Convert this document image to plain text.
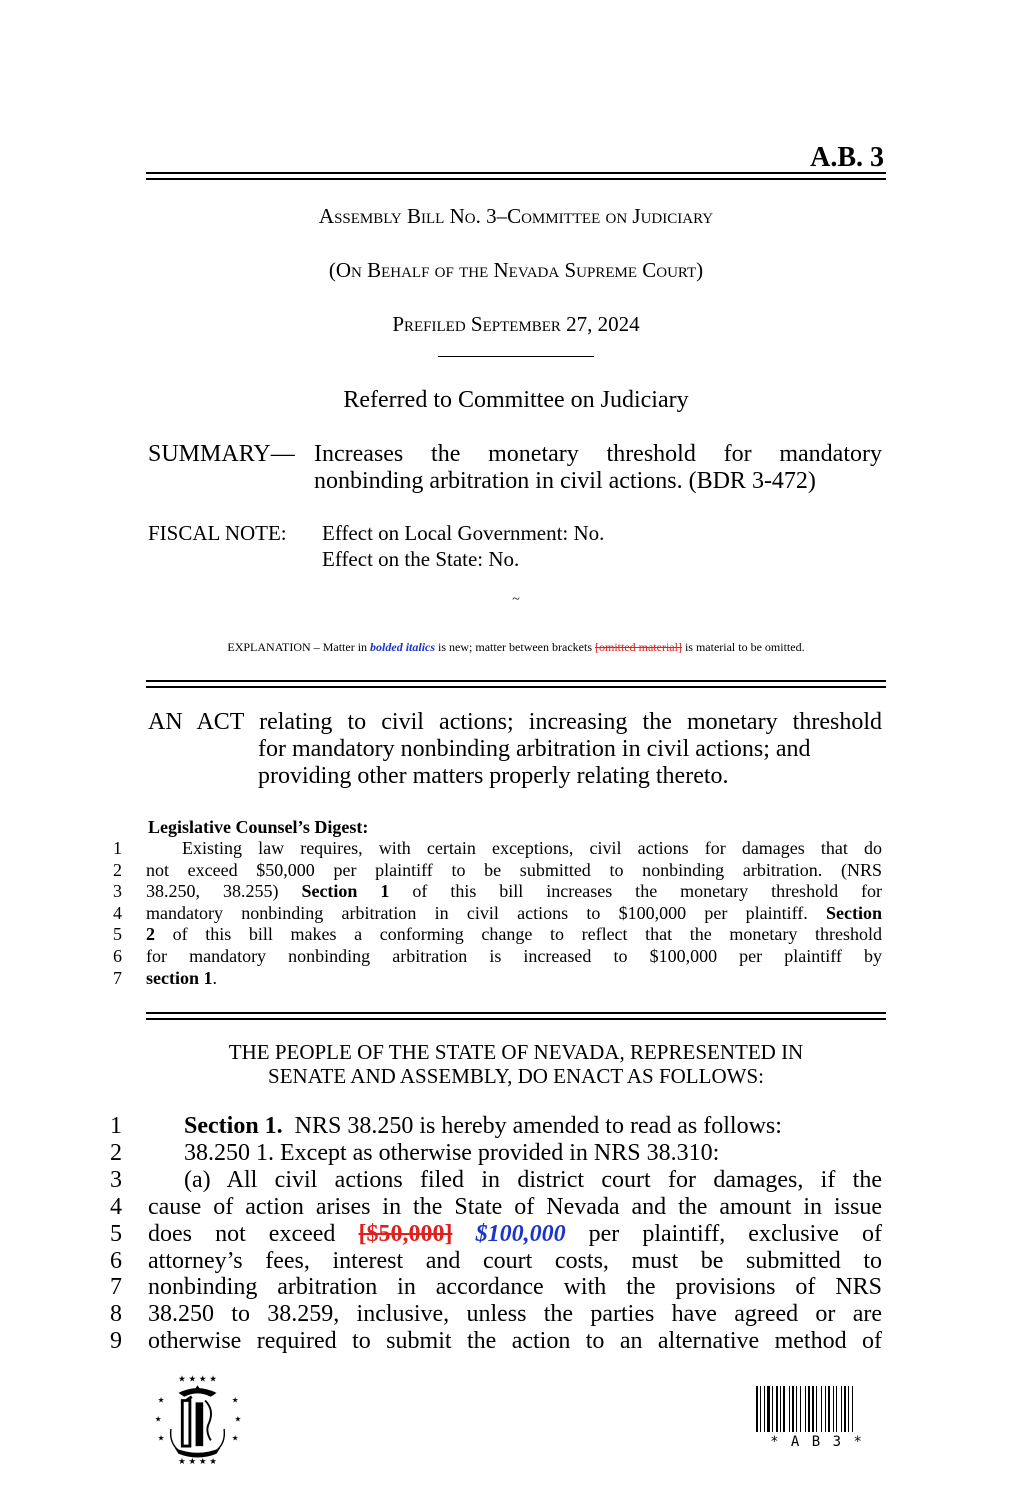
A.B. 3
Assembly Bill No. 3–Committee on Judiciary
(On Behalf of the Nevada Supreme Court)
Prefiled September 27, 2024
Referred to Committee on Judiciary
SUMMARY— Increases the monetary threshold for mandatory
nonbinding arbitration in civil actions. (BDR 3-472)
FISCAL NOTE: Effect on Local Government: No.
Effect on the State: No.
~
EXPLANATION – Matter in bolded italics is new; matter between brackets [omitted material] is material to be omitted.
AN ACT relating to civil actions; increasing the monetary threshold
for mandatory nonbinding arbitration in civil actions; and
providing other matters properly relating thereto.
Legislative Counsel’s Digest:
1
2
3
4
5
6
7
Existing law requires, with certain exceptions, civil actions for damages that do
not exceed $50,000 per plaintiff to be submitted to nonbinding arbitration. (NRS
38.250, 38.255) Section 1 of this bill increases the monetary threshold for
mandatory nonbinding arbitration in civil actions to $100,000 per plaintiff. Section
2 of this bill makes a conforming change to reflect that the monetary threshold
for mandatory nonbinding arbitration is increased to $100,000 per plaintiff by
section 1.
THE PEOPLE OF THE STATE OF NEVADA, REPRESENTED IN
SENATE AND ASSEMBLY, DO ENACT AS FOLLOWS:
1
2
3
4
5
6
7
8
9
Section 1. NRS 38.250 is hereby amended to read as follows:
38.250 1. Except as otherwise provided in NRS 38.310:
(a) All civil actions filed in district court for damages, if the
cause of action arises in the State of Nevada and the amount in issue
does not exceed [$50,000] $100,000 per plaintiff, exclusive of
attorney’s fees, interest and court costs, must be submitted to
nonbinding arbitration in accordance with the provisions of NRS
38.250 to 38.259, inclusive, unless the parties have agreed or are
otherwise required to submit the action to an alternative method of
★ ★ ★ ★
★
★
★
★
★
★
★ ★ ★ ★
* A B 3 *
